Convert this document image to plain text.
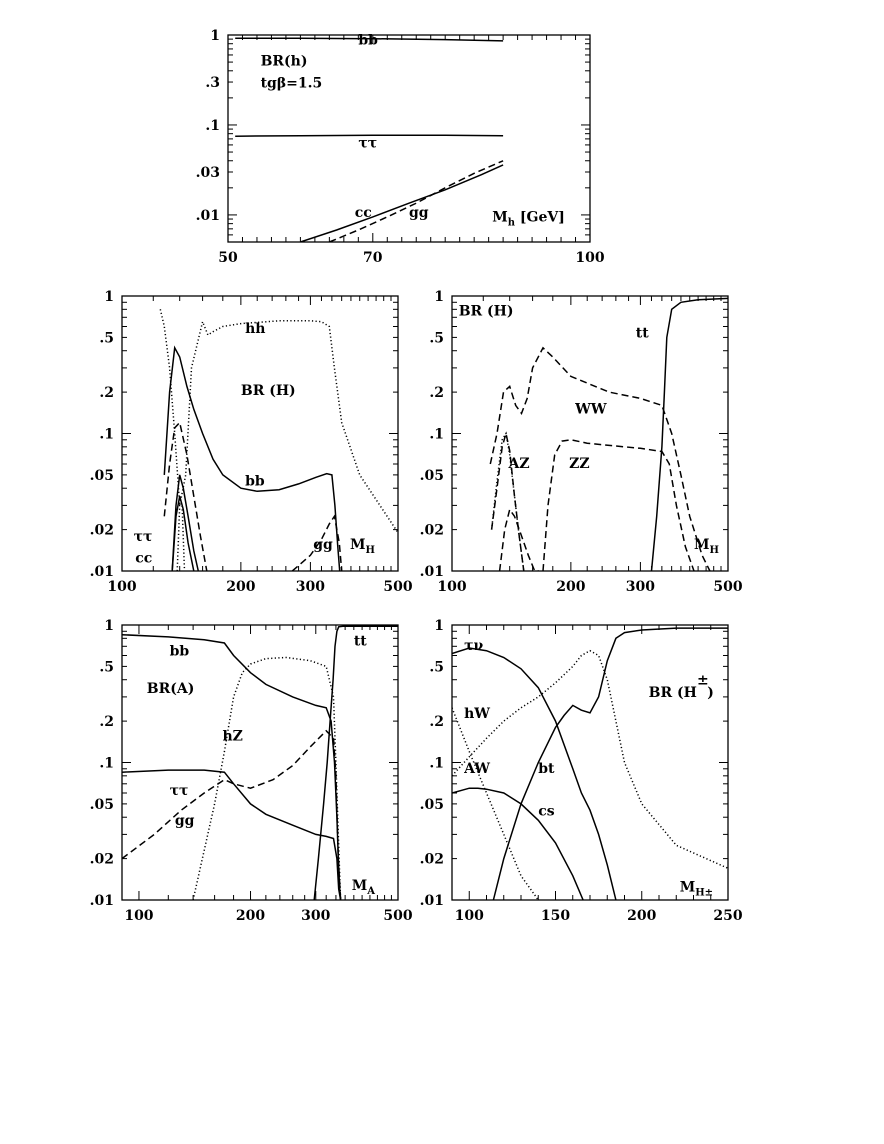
50	70	100
1
.3
.1
.03
.01
bb
BR(h)
tgβ=1.5
ττ
cc	gg	$M_h$ [GeV]
100	200	300	500
1
.5
.2
.1
.05
.02
.01
hh
BR (H)
bb
ττ
cc
gg $M_H$
100	200	300	500
1
.5
.2
.1
.05
.02
.01
BR (H)
tt
WW
AZ	ZZ
$M_H$
100	200	300	500
1
.5
.2
.1
.05
.02
.01
bb
tt
BR(A)
hZ
ττ
gg
$M_A$
100	150	200	250
1
.5
.2
.1
.05
.02
.01
τν
hW
AW	bt
cs
BR (H
±
)
$M_{H\pm}$
